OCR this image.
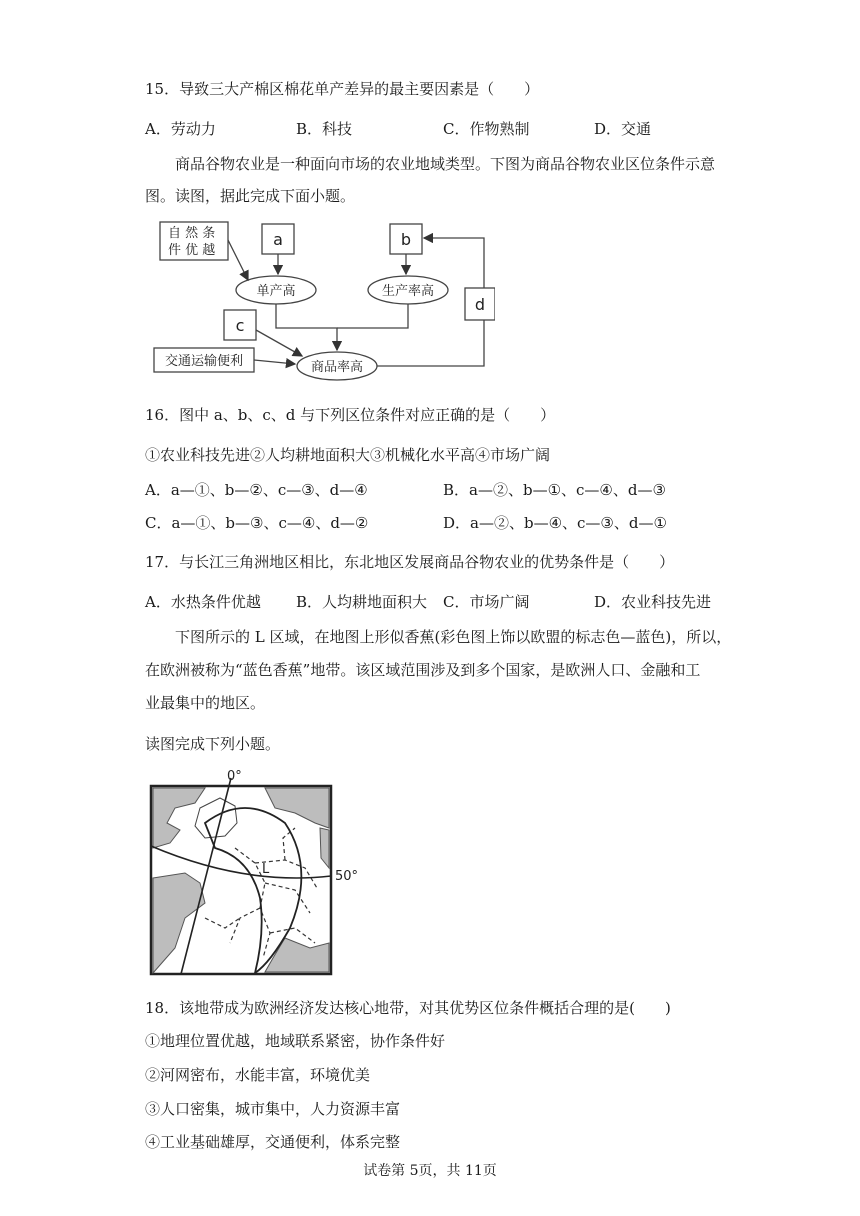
15．导致三大产棉区棉花单产差异的最主要因素是（　　）
A．劳动力	B．科技	C．作物熟制	D．交通
商品谷物农业是一种面向市场的农业地域类型。下图为商品谷物农业区位条件示意
图。读图，据此完成下面小题。
自 然 条
件 优 越
a	b
d
c
单产高	生产率高
交通运输便利	商品率高
16．图中 a、b、c、d 与下列区位条件对应正确的是（　　）
①农业科技先进②人均耕地面积大③机械化水平高④市场广阔
A．a—①、b—②、c—③、d—④	B．a—②、b—①、c—④、d—③
C．a—①、b—③、c—④、d—②	D．a—②、b—④、c—③、d—①
17．与长江三角洲地区相比，东北地区发展商品谷物农业的优势条件是（　　）
A．水热条件优越 B．人均耕地面积大 C．市场广阔	D．农业科技先进
下图所示的 L 区域，在地图上形似香蕉(彩色图上饰以欧盟的标志色—蓝色)，所以，
在欧洲被称为“蓝色香蕉”地带。该区域范围涉及到多个国家，是欧洲人口、金融和工
业最集中的地区。
读图完成下列小题。
0°
50°
L
18．该地带成为欧洲经济发达核心地带，对其优势区位条件概括合理的是(　　)
①地理位置优越，地域联系紧密，协作条件好
②河网密布，水能丰富，环境优美
③人口密集，城市集中，人力资源丰富
④工业基础雄厚，交通便利，体系完整
试卷第 5页，共 11页
